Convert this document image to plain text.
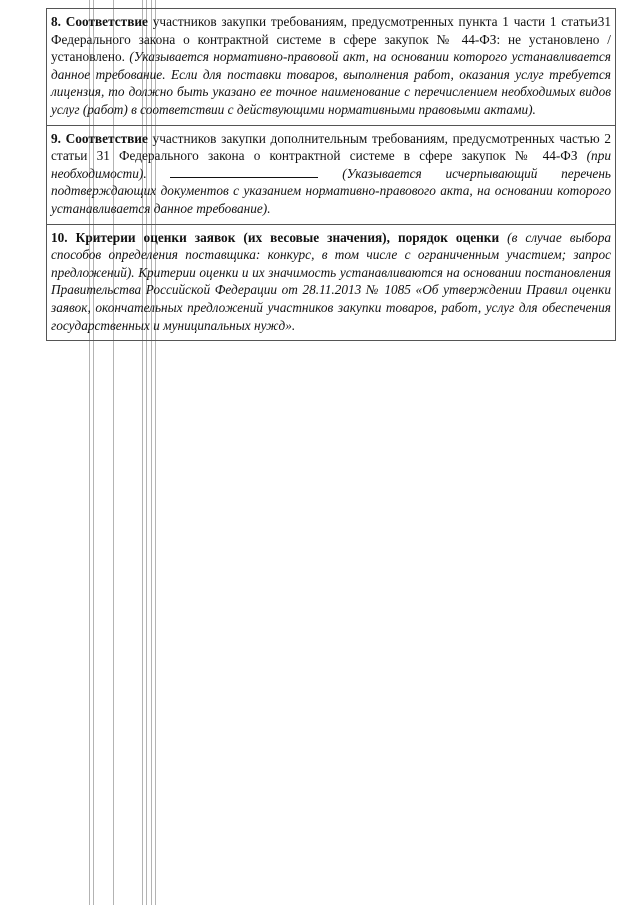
8. Соответствие участников закупки требованиям, предусмотренных пункта 1 части 1 статьи31 Федерального закона о контрактной системе в сфере закупок № 44-ФЗ: не установлено / установлено. (Указывается нормативно-правовой акт, на основании которого устанавливается данное требование. Если для поставки товаров, выполнения работ, оказания услуг требуется лицензия, то должно быть указано ее точное наименование с перечислением необходимых видов услуг (работ) в соответствии с действующими нормативными правовыми актами).
9. Соответствие участников закупки дополнительным требованиям, предусмотренных частью 2 статьи 31 Федерального закона о контрактной системе в сфере закупок № 44-ФЗ (при необходимости).	(Указывается исчерпывающий перечень подтверждающих документов с указанием нормативно-правового акта, на основании которого устанавливается данное требование).
10. Критерии оценки заявок (их весовые значения), порядок оценки (в случае выбора способов определения поставщика: конкурс, в том числе с ограниченным участием; запрос предложений). Критерии оценки и их значимость устанавливаются на основании постановления Правительства Российской Федерации от 28.11.2013 № 1085 «Об утверждении Правил оценки заявок, окончательных предложений участников закупки товаров, работ, услуг для обеспечения государственных и муниципальных нужд».
